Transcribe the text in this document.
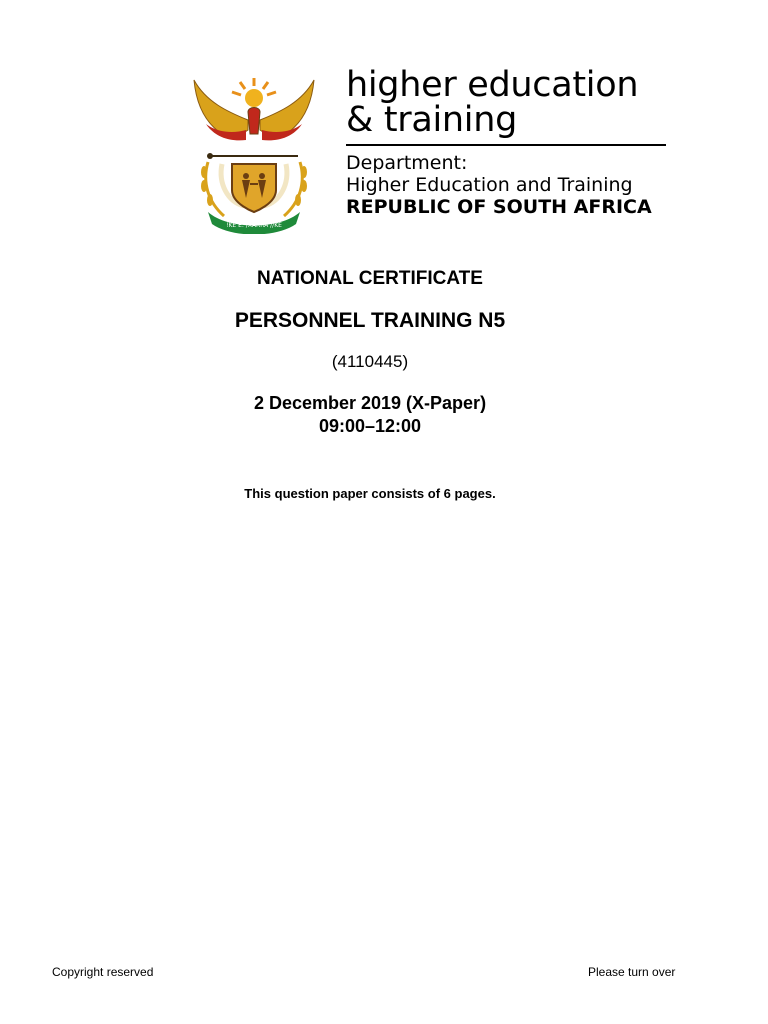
!KE E: /XARRA //KE
higher education
& training
Department:
Higher Education and Training
REPUBLIC OF SOUTH AFRICA
NATIONAL CERTIFICATE
PERSONNEL TRAINING N5
(4110445)
2 December 2019 (X-Paper)
09:00–12:00
This question paper consists of 6 pages.
Copyright reserved	Please turn over
